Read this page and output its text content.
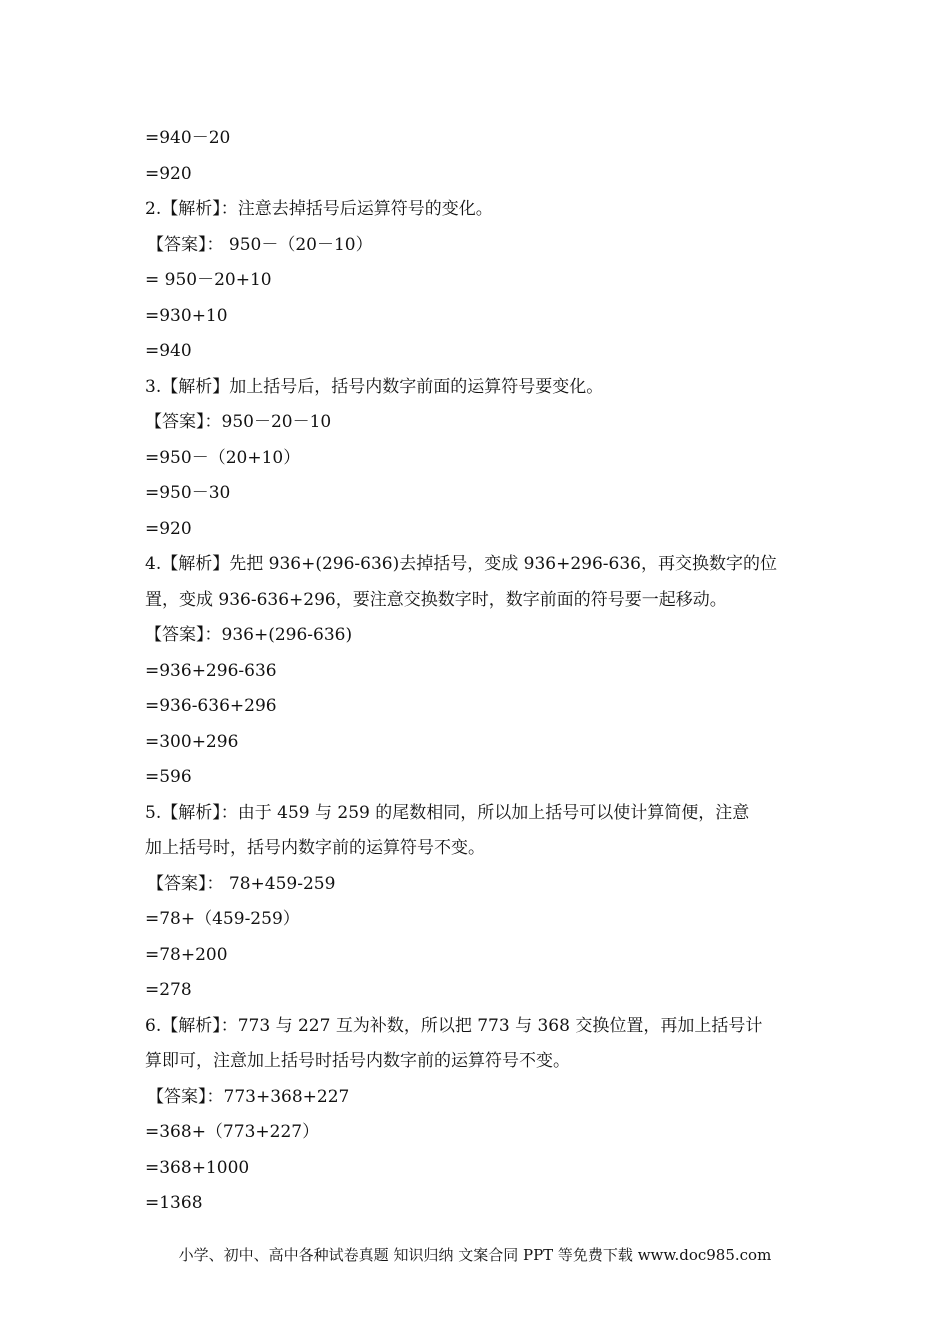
=940－20
=920
2.【解析】：注意去掉括号后运算符号的变化。
【答案】： 950－（20－10）
= 950－20+10
=930+10
=940
3.【解析】加上括号后，括号内数字前面的运算符号要变化。
【答案】：950－20－10
=950－（20+10）
=950－30
=920
4.【解析】先把 936+(296-636)去掉括号，变成 936+296-636，再交换数字的位
置，变成 936-636+296，要注意交换数字时，数字前面的符号要一起移动。
【答案】：936+(296-636)
=936+296-636
=936-636+296
=300+296
=596
5.【解析】：由于 459 与 259 的尾数相同，所以加上括号可以使计算简便，注意
加上括号时，括号内数字前的运算符号不变。
【答案】： 78+459-259
=78+（459-259）
=78+200
=278
6.【解析】：773 与 227 互为补数，所以把 773 与 368 交换位置，再加上括号计
算即可，注意加上括号时括号内数字前的运算符号不变。
【答案】：773+368+227
=368+（773+227）
=368+1000
=1368
小学、初中、高中各种试卷真题 知识归纳 文案合同 PPT 等免费下载 www.doc985.com
